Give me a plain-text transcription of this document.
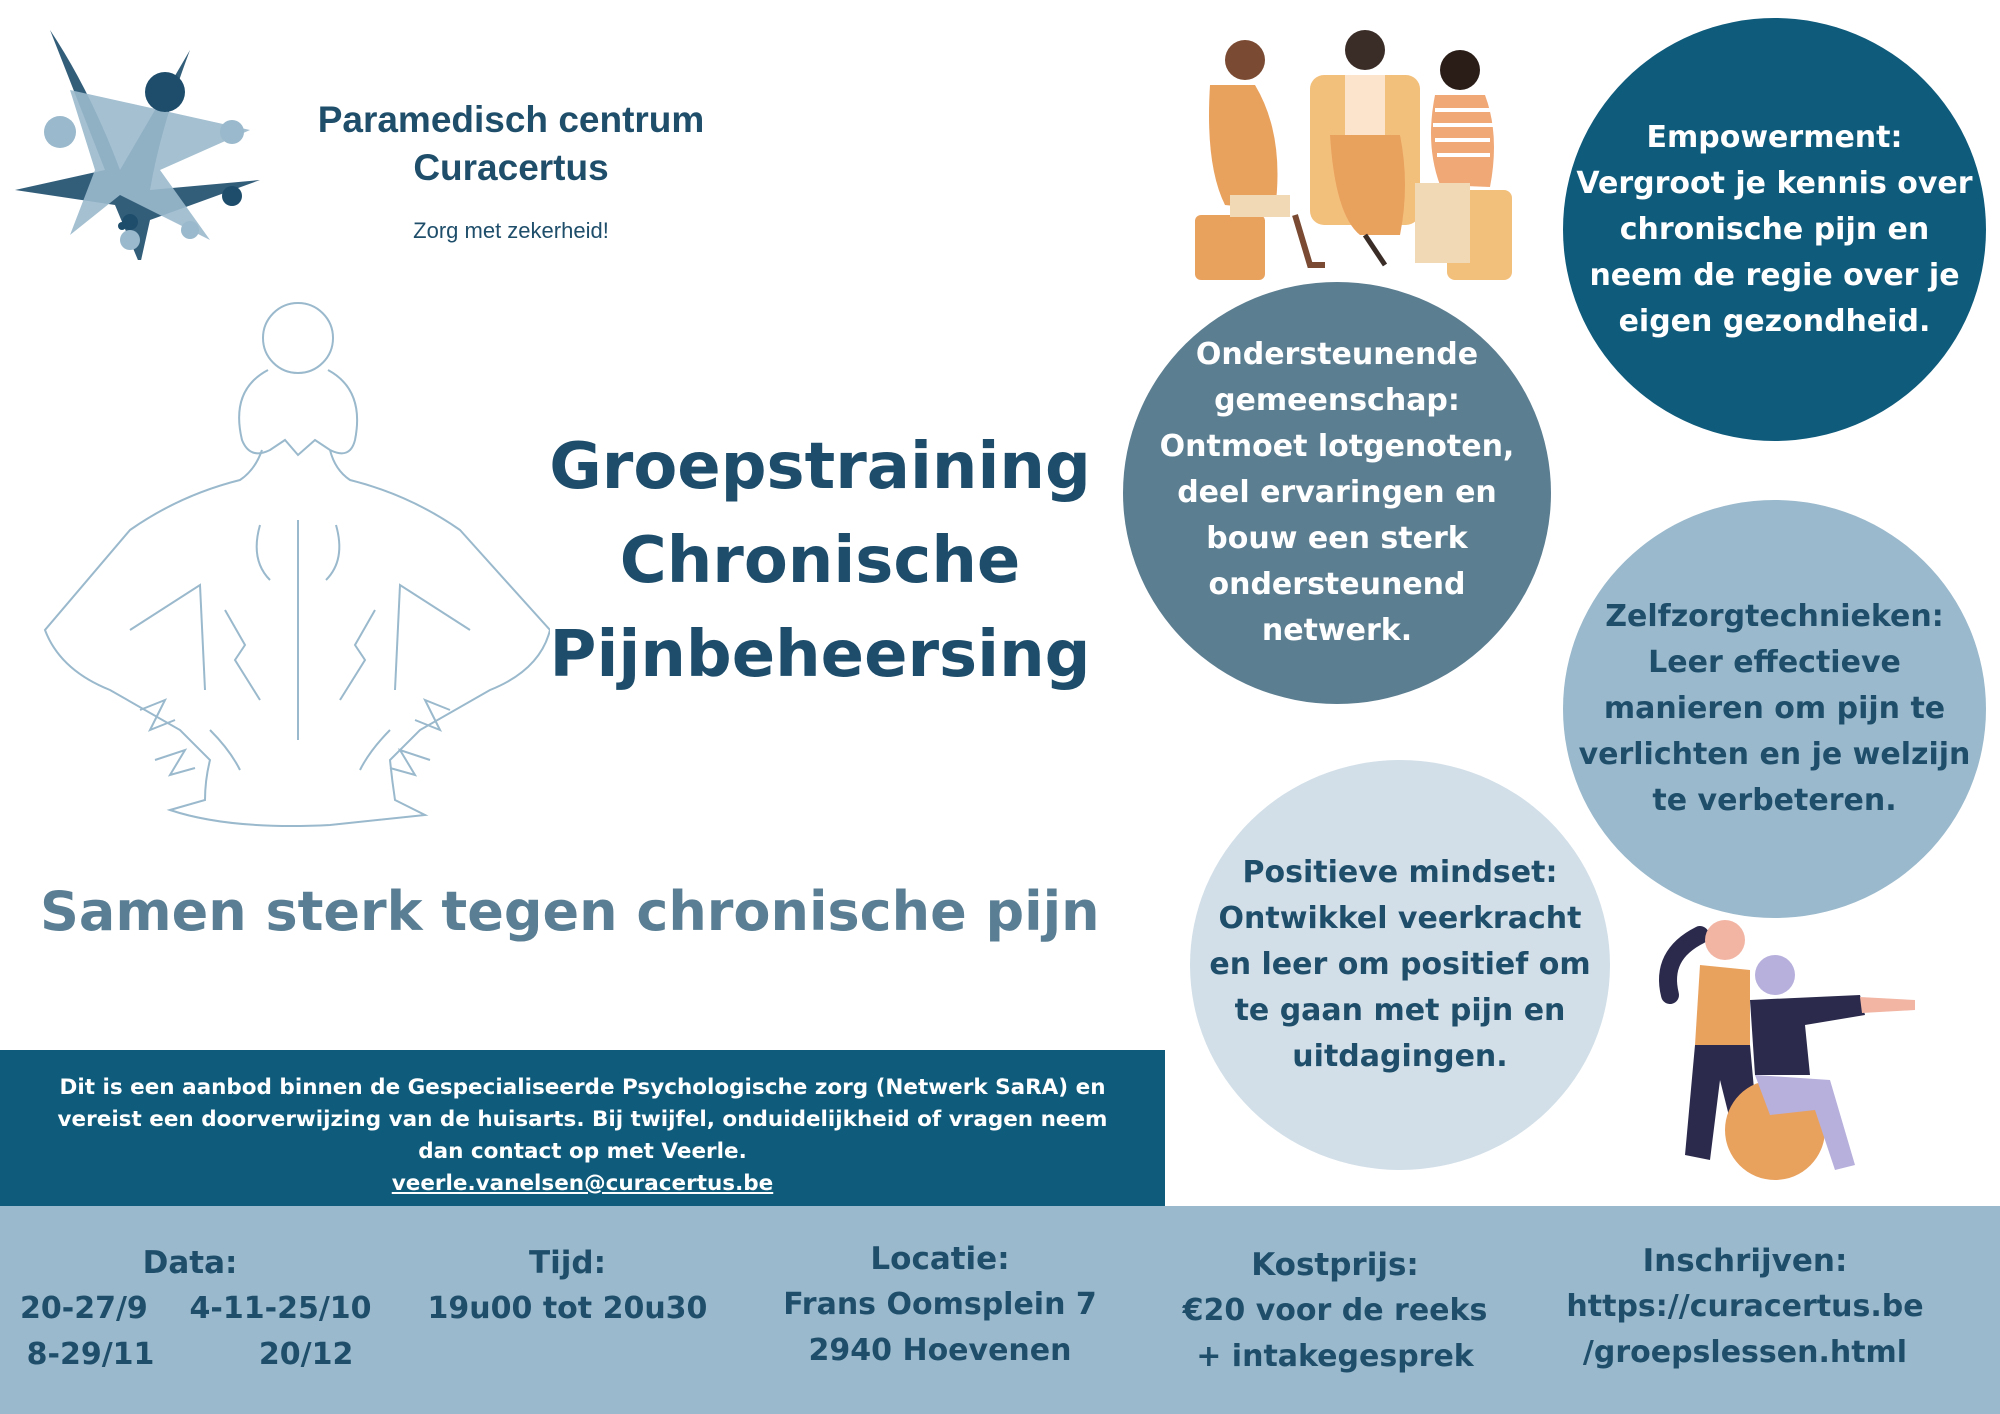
Paramedisch centrum
Curacertus
Zorg met zekerheid!
Groepstraining
Chronische
Pijnbeheersing
Samen sterk tegen chronische pijn
Empowerment:
Vergroot je kennis over chronische pijn en neem de regie over je eigen gezondheid.
Ondersteunende gemeenschap:
Ontmoet lotgenoten, deel ervaringen en bouw een sterk ondersteunend netwerk.	Zelfzorgtechnieken:
Leer effectieve manieren om pijn te verlichten en je welzijn te verbeteren.
Positieve mindset:
Ontwikkel veerkracht en leer om positief om te gaan met pijn en uitdagingen.
Dit is een aanbod binnen de Gespecialiseerde Psychologische zorg (Netwerk SaRA) en vereist een doorverwijzing van de huisarts. Bij twijfel, onduidelijkheid of vragen neem dan contact op met Veerle.
veerle.vanelsen@curacertus.be
Data:
20-27/9    4-11-25/10
8-29/11          20/12
Tijd:
19u00 tot 20u30
Locatie:
Frans Oomsplein 7
2940 Hoevenen
Kostprijs:
€20 voor de reeks
+ intakegesprek
Inschrijven:
https://curacertus.be
/groepslessen.html
